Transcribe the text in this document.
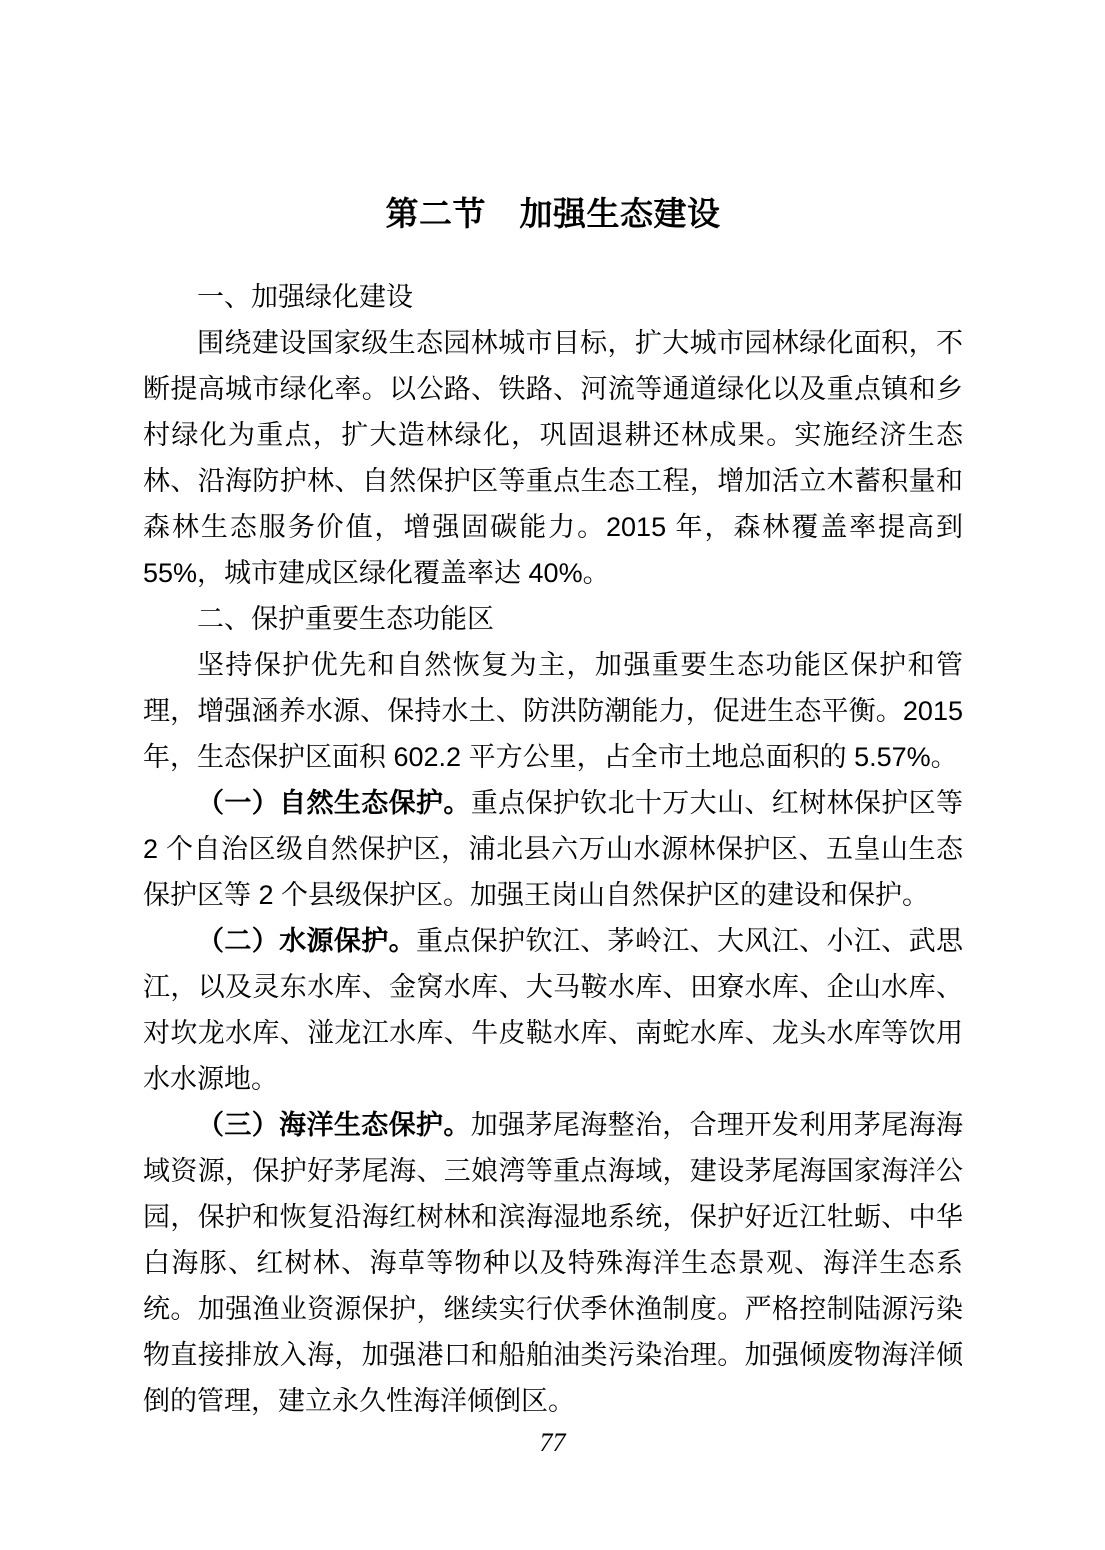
第二节　加强生态建设

一、加强绿化建设

围绕建设国家级生态园林城市目标，扩大城市园林绿化面积，不断提高城市绿化率。以公路、铁路、河流等通道绿化以及重点镇和乡村绿化为重点，扩大造林绿化，巩固退耕还林成果。实施经济生态林、沿海防护林、自然保护区等重点生态工程，增加活立木蓄积量和森林生态服务价值，增强固碳能力。2015 年，森林覆盖率提高到 55%，城市建成区绿化覆盖率达 40%。

二、保护重要生态功能区

坚持保护优先和自然恢复为主，加强重要生态功能区保护和管理，增强涵养水源、保持水土、防洪防潮能力，促进生态平衡。2015 年，生态保护区面积 602.2 平方公里，占全市土地总面积的 5.57%。

（一）自然生态保护。重点保护钦北十万大山、红树林保护区等 2 个自治区级自然保护区，浦北县六万山水源林保护区、五皇山生态保护区等 2 个县级保护区。加强王岗山自然保护区的建设和保护。

（二）水源保护。重点保护钦江、茅岭江、大风江、小江、武思江，以及灵东水库、金窝水库、大马鞍水库、田寮水库、企山水库、对坎龙水库、湴龙江水库、牛皮鞑水库、南蛇水库、龙头水库等饮用水水源地。

（三）海洋生态保护。加强茅尾海整治，合理开发利用茅尾海海域资源，保护好茅尾海、三娘湾等重点海域，建设茅尾海国家海洋公园，保护和恢复沿海红树林和滨海湿地系统，保护好近江牡蛎、中华白海豚、红树林、海草等物种以及特殊海洋生态景观、海洋生态系统。加强渔业资源保护，继续实行伏季休渔制度。严格控制陆源污染物直接排放入海，加强港口和船舶油类污染治理。加强倾废物海洋倾倒的管理，建立永久性海洋倾倒区。

77
